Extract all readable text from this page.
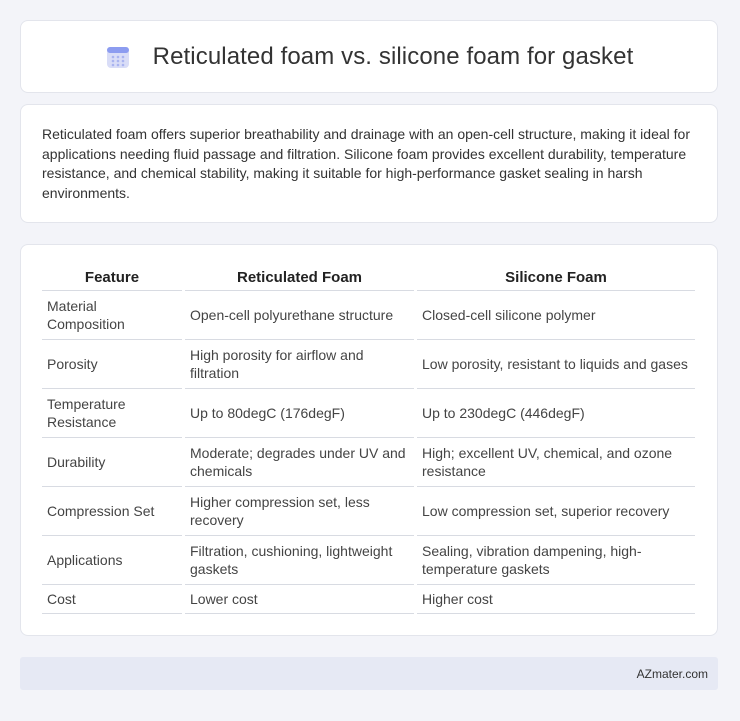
Reticulated foam vs. silicone foam for gasket

Reticulated foam offers superior breathability and drainage with an open-cell structure, making it ideal for applications needing fluid passage and filtration. Silicone foam provides excellent durability, temperature resistance, and chemical stability, making it suitable for high-performance gasket sealing in harsh environments.

Feature	Reticulated Foam	Silicone Foam
Material Composition	Open-cell polyurethane structure	Closed-cell silicone polymer
Porosity	High porosity for airflow and filtration	Low porosity, resistant to liquids and gases
Temperature Resistance	Up to 80degC (176degF)	Up to 230degC (446degF)
Durability	Moderate; degrades under UV and chemicals	High; excellent UV, chemical, and ozone resistance
Compression Set	Higher compression set, less recovery	Low compression set, superior recovery
Applications	Filtration, cushioning, lightweight gaskets	Sealing, vibration dampening, high-temperature gaskets
Cost	Lower cost	Higher cost
AZmater.com
